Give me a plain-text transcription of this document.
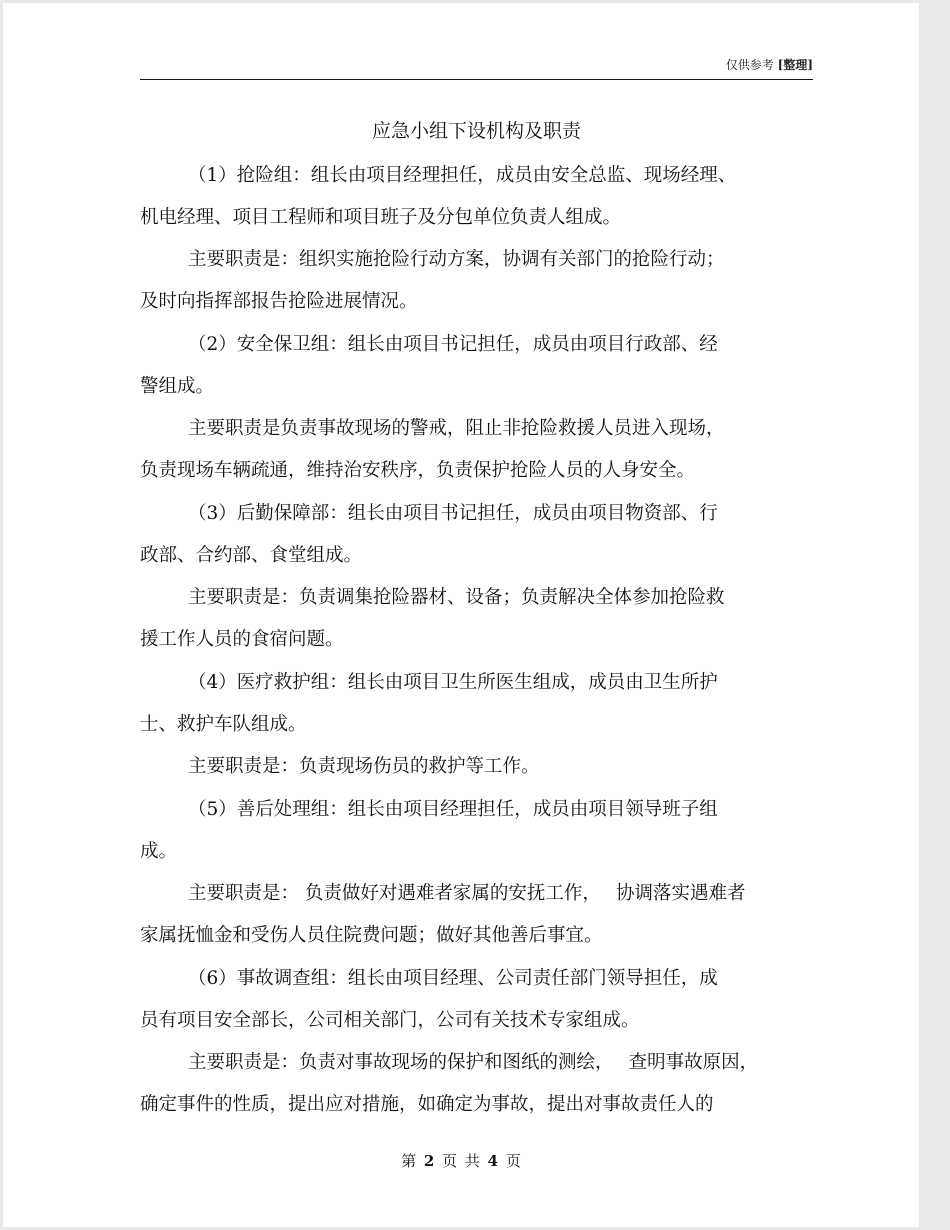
仅供参考 [整理]
应急小组下设机构及职责
（1）抢险组：组长由项目经理担任，成员由安全总监、现场经理、
机电经理、项目工程师和项目班子及分包单位负责人组成。
主要职责是：组织实施抢险行动方案，协调有关部门的抢险行动；
及时向指挥部报告抢险进展情况。
（2）安全保卫组：组长由项目书记担任，成员由项目行政部、经
警组成。
主要职责是负责事故现场的警戒，阻止非抢险救援人员进入现场，
负责现场车辆疏通，维持治安秩序，负责保护抢险人员的人身安全。
（3）后勤保障部：组长由项目书记担任，成员由项目物资部、行
政部、合约部、食堂组成。
主要职责是：负责调集抢险器材、设备；负责解决全体参加抢险救
援工作人员的食宿问题。
（4）医疗救护组：组长由项目卫生所医生组成，成员由卫生所护
士、救护车队组成。
主要职责是：负责现场伤员的救护等工作。
（5）善后处理组：组长由项目经理担任，成员由项目领导班子组
成。
主要职责是： 负责做好对遇难者家属的安抚工作，　 协调落实遇难者
家属抚恤金和受伤人员住院费问题；做好其他善后事宜。
（6）事故调查组：组长由项目经理、公司责任部门领导担任，成
员有项目安全部长，公司相关部门，公司有关技术专家组成。
主要职责是：负责对事故现场的保护和图纸的测绘，　 查明事故原因，
确定事件的性质，提出应对措施，如确定为事故，提出对事故责任人的
第 2 页 共 4 页
